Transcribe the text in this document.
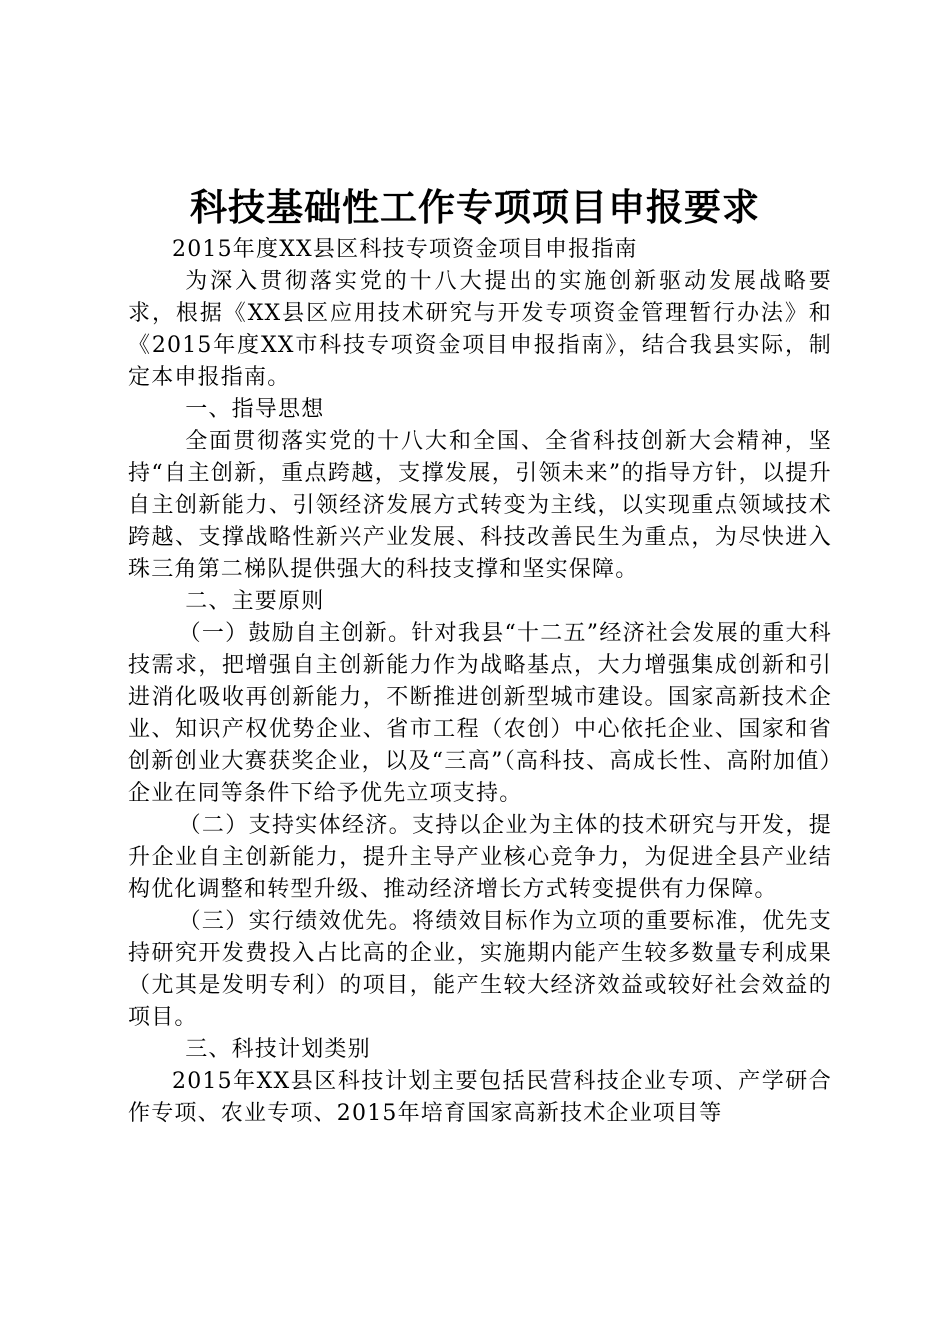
科技基础性工作专项项目申报要求

2015年度XX县区科技专项资金项目申报指南

为深入贯彻落实党的十八大提出的实施创新驱动发展战略要求，根据《XX县区应用技术研究与开发专项资金管理暂行办法》和《2015年度XX市科技专项资金项目申报指南》，结合我县实际，制定本申报指南。

一、指导思想

全面贯彻落实党的十八大和全国、全省科技创新大会精神，坚持“自主创新，重点跨越，支撑发展，引领未来”的指导方针，以提升自主创新能力、引领经济发展方式转变为主线，以实现重点领域技术跨越、支撑战略性新兴产业发展、科技改善民生为重点，为尽快进入珠三角第二梯队提供强大的科技支撑和坚实保障。

二、主要原则

（一）鼓励自主创新。针对我县“十二五”经济社会发展的重大科技需求，把增强自主创新能力作为战略基点，大力增强集成创新和引进消化吸收再创新能力，不断推进创新型城市建设。国家高新技术企业、知识产权优势企业、省市工程（农创）中心依托企业、国家和省创新创业大赛获奖企业，以及“三高”（高科技、高成长性、高附加值）企业在同等条件下给予优先立项支持。

（二）支持实体经济。支持以企业为主体的技术研究与开发，提升企业自主创新能力，提升主导产业核心竞争力，为促进全县产业结构优化调整和转型升级、推动经济增长方式转变提供有力保障。

（三）实行绩效优先。将绩效目标作为立项的重要标准，优先支持研究开发费投入占比高的企业，实施期内能产生较多数量专利成果（尤其是发明专利）的项目，能产生较大经济效益或较好社会效益的项目。

三、科技计划类别

2015年XX县区科技计划主要包括民营科技企业专项、产学研合作专项、农业专项、2015年培育国家高新技术企业项目等
